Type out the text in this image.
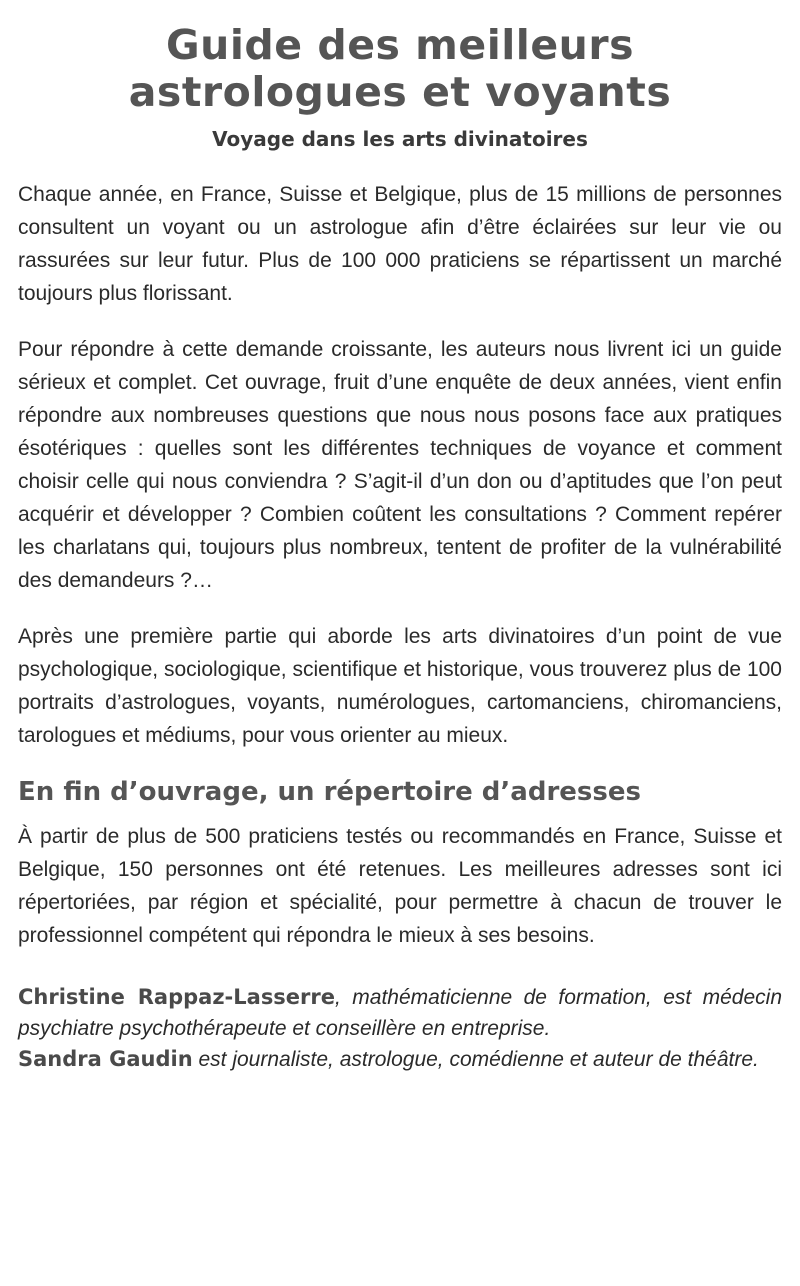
Guide des meilleurs
astrologues et voyants
Voyage dans les arts divinatoires

Chaque année, en France, Suisse et Belgique, plus de 15 millions de personnes consultent un voyant ou un astrologue afin d’être éclairées sur leur vie ou rassurées sur leur futur. Plus de 100 000 praticiens se répartissent un marché toujours plus florissant.

Pour répondre à cette demande croissante, les auteurs nous livrent ici un guide sérieux et complet. Cet ouvrage, fruit d’une enquête de deux années, vient enfin répondre aux nombreuses questions que nous nous posons face aux pratiques ésotériques : quelles sont les différentes techniques de voyance et comment choisir celle qui nous conviendra ? S’agit-il d’un don ou d’aptitudes que l’on peut acquérir et développer ? Combien coûtent les consultations ? Comment repérer les charlatans qui, toujours plus nombreux, tentent de profiter de la vulnérabilité des demandeurs ?…

Après une première partie qui aborde les arts divinatoires d’un point de vue psychologique, sociologique, scientifique et historique, vous trouverez plus de 100 portraits d’astrologues, voyants, numérologues, cartomanciens, chiromanciens, tarologues et médiums, pour vous orienter au mieux.

En fin d’ouvrage, un répertoire d’adresses

À partir de plus de 500 praticiens testés ou recommandés en France, Suisse et Belgique, 150 personnes ont été retenues. Les meilleures adresses sont ici répertoriées, par région et spécialité, pour permettre à chacun de trouver le professionnel compétent qui répondra le mieux à ses besoins.

Christine Rappaz-Lasserre, mathématicienne de formation, est médecin psychiatre psychothérapeute et conseillère en entreprise.
Sandra Gaudin est journaliste, astrologue, comédienne et auteur de théâtre.
